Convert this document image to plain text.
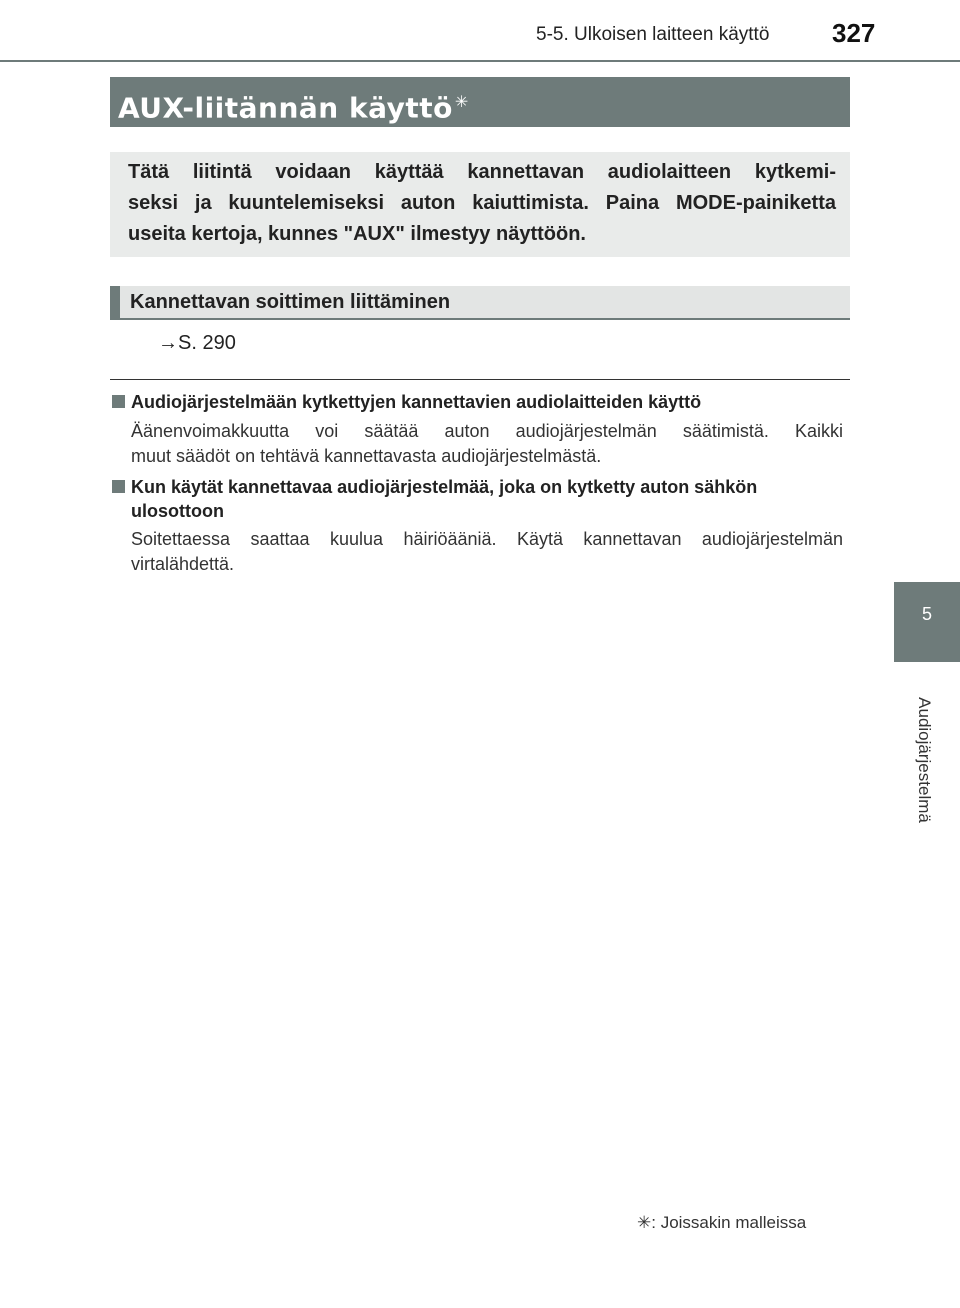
5-5. Ulkoisen laitteen käyttö 327
AUX-liitännän käyttö ✳
Tätä liitintä voidaan käyttää kannettavan audiolaitteen kytkemi-
seksi ja kuuntelemiseksi auton kaiuttimista. Paina MODE-painiketta
useita kertoja, kunnes "AUX" ilmestyy näyttöön.
Kannettavan soittimen liittäminen
→S. 290
Audiojärjestelmään kytkettyjen kannettavien audiolaitteiden käyttö
Äänenvoimakkuutta voi säätää auton audiojärjestelmän säätimistä. Kaikki
muut säädöt on tehtävä kannettavasta audiojärjestelmästä.
Kun käytät kannettavaa audiojärjestelmää, joka on kytketty auton sähkön
ulosottoon
Soitettaessa saattaa kuulua häiriöääniä. Käytä kannettavan audiojärjestelmän
virtalähdettä.
5
Audiojärjestelmä
✳: Joissakin malleissa
